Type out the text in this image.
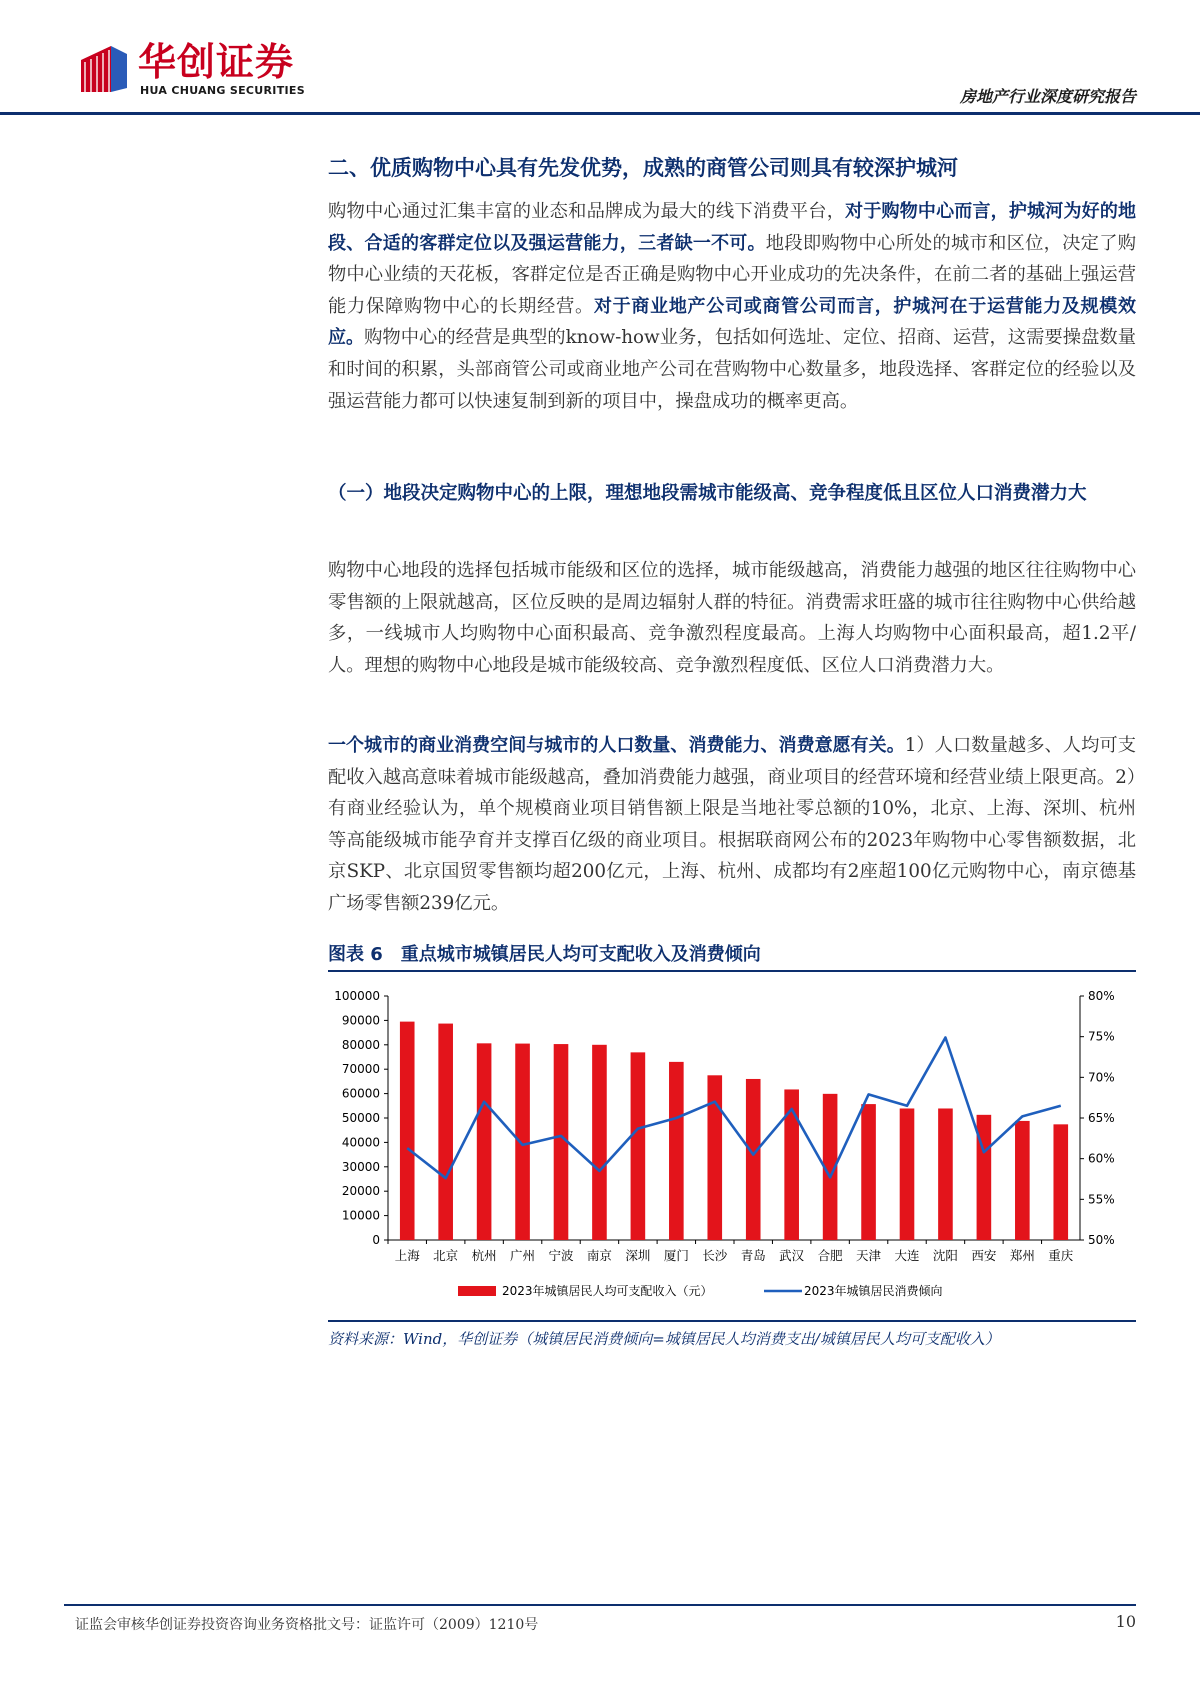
华创证券
HUA CHUANG SECURITIES	房地产行业深度研究报告
二、优质购物中心具有先发优势，成熟的商管公司则具有较深护城河
购物中心通过汇集丰富的业态和品牌成为最大的线下消费平台，对于购物中心而言，护城河为好的地段、合适的客群定位以及强运营能力，三者缺一不可。地段即购物中心所处的城市和区位，决定了购物中心业绩的天花板，客群定位是否正确是购物中心开业成功的先决条件，在前二者的基础上强运营能力保障购物中心的长期经营。对于商业地产公司或商管公司而言，护城河在于运营能力及规模效应。购物中心的经营是典型的know-how业务，包括如何选址、定位、招商、运营，这需要操盘数量和时间的积累，头部商管公司或商业地产公司在营购物中心数量多，地段选择、客群定位的经验以及强运营能力都可以快速复制到新的项目中，操盘成功的概率更高。
（一）地段决定购物中心的上限，理想地段需城市能级高、竞争程度低且区位人口消费潜力大
购物中心地段的选择包括城市能级和区位的选择，城市能级越高，消费能力越强的地区往往购物中心零售额的上限就越高，区位反映的是周边辐射人群的特征。消费需求旺盛的城市往往购物中心供给越多，一线城市人均购物中心面积最高、竞争激烈程度最高。上海人均购物中心面积最高，超1.2平/人。理想的购物中心地段是城市能级较高、竞争激烈程度低、区位人口消费潜力大。
一个城市的商业消费空间与城市的人口数量、消费能力、消费意愿有关。1）人口数量越多、人均可支配收入越高意味着城市能级越高，叠加消费能力越强，商业项目的经营环境和经营业绩上限更高。2）有商业经验认为，单个规模商业项目销售额上限是当地社零总额的10%，北京、上海、深圳、杭州等高能级城市能孕育并支撑百亿级的商业项目。根据联商网公布的2023年购物中心零售额数据，北京SKP、北京国贸零售额均超200亿元，上海、杭州、成都均有2座超100亿元购物中心，南京德基广场零售额239亿元。
图表 6　重点城市城镇居民人均可支配收入及消费倾向
0
10000
20000
30000
40000
50000
60000
70000
80000
90000
100000
50%
55%
60%
65%
70%
75%
80%
上海 北京 杭州 广州 宁波 南京 深圳 厦门 长沙 青岛 武汉 合肥 天津 大连 沈阳 西安 郑州 重庆
2023年城镇居民人均可支配收入（元）	2023年城镇居民消费倾向
资料来源：Wind，华创证券（城镇居民消费倾向=城镇居民人均消费支出/城镇居民人均可支配收入）
证监会审核华创证券投资咨询业务资格批文号：证监许可（2009）1210号	10
